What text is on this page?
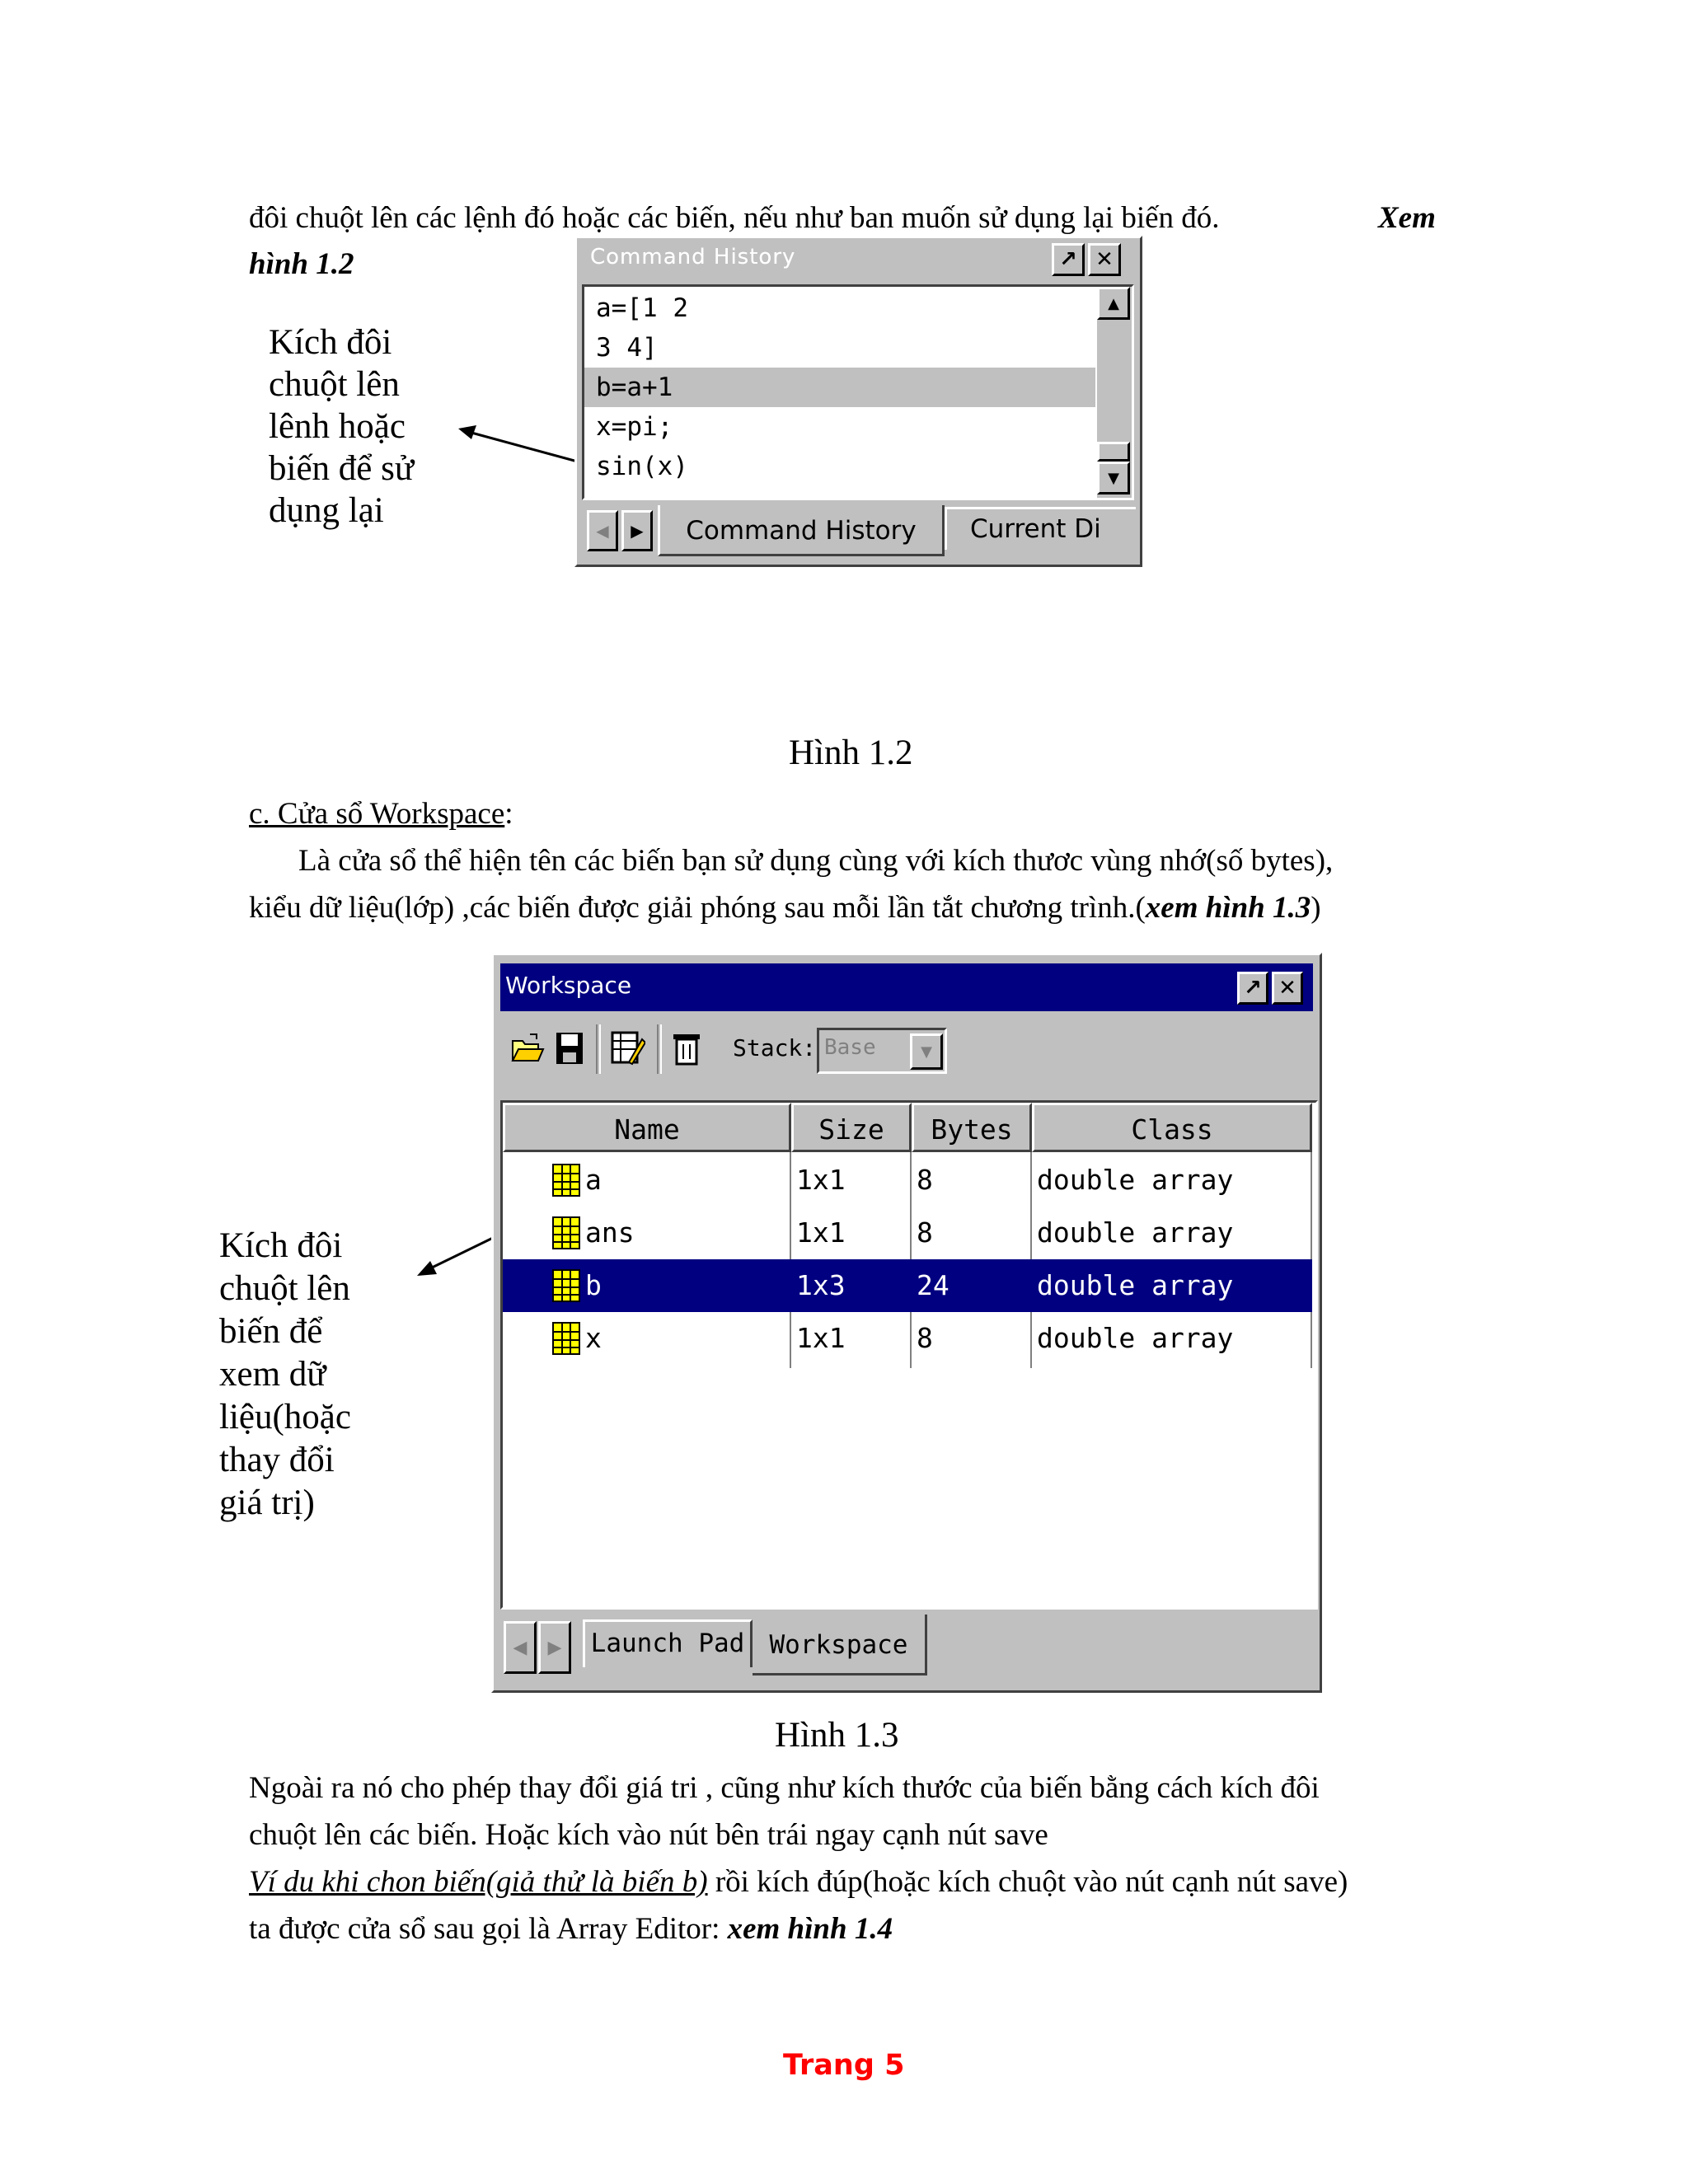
đôi chuột lên các lệnh đó hoặc các biến, nếu như ban muốn sử dụng lại biến đó.	Xem
hình 1.2
Kích đôi
chuột lên
lênh hoặc
biến để sử
dụng lại
Command History	↗ ✕
a=[1 2
3 4]
b=a+1
x=pi;
sin(x)
▲
▼
◀ ▶	Command History	Current Di
Hình 1.2
c. Cửa sổ Workspace:
Là cửa sổ thể hiện tên các biến bạn sử dụng cùng với kích thươc vùng nhớ(số bytes),
kiểu dữ liệu(lớp) ,các biến được giải phóng sau mỗi lần tắt chương trình.(xem hình 1.3)
Kích đôi
chuột lên
biến để
xem dữ
liệu(hoặc
thay đổi
giá trị)
Workspace	↗ ✕
Stack: Base	▼
Name	Size	Bytes	Class
a	1x1	8	double array
ans	1x1	8	double array
b	1x3	24	double array
x	1x1	8	double array
◀ ▶	Launch Pad Workspace
Hình 1.3
Ngoài ra nó cho phép thay đổi giá tri , cũng như kích thước của biến bằng cách kích đôi
chuột lên các biến. Hoặc kích vào nút bên trái ngay cạnh nút save
Ví du khi chon biến(giả thử là biến b) rồi kích đúp(hoặc kích chuột vào nút cạnh nút save)
ta được cửa sổ sau gọi là Array Editor: xem hình 1.4
Trang 5
